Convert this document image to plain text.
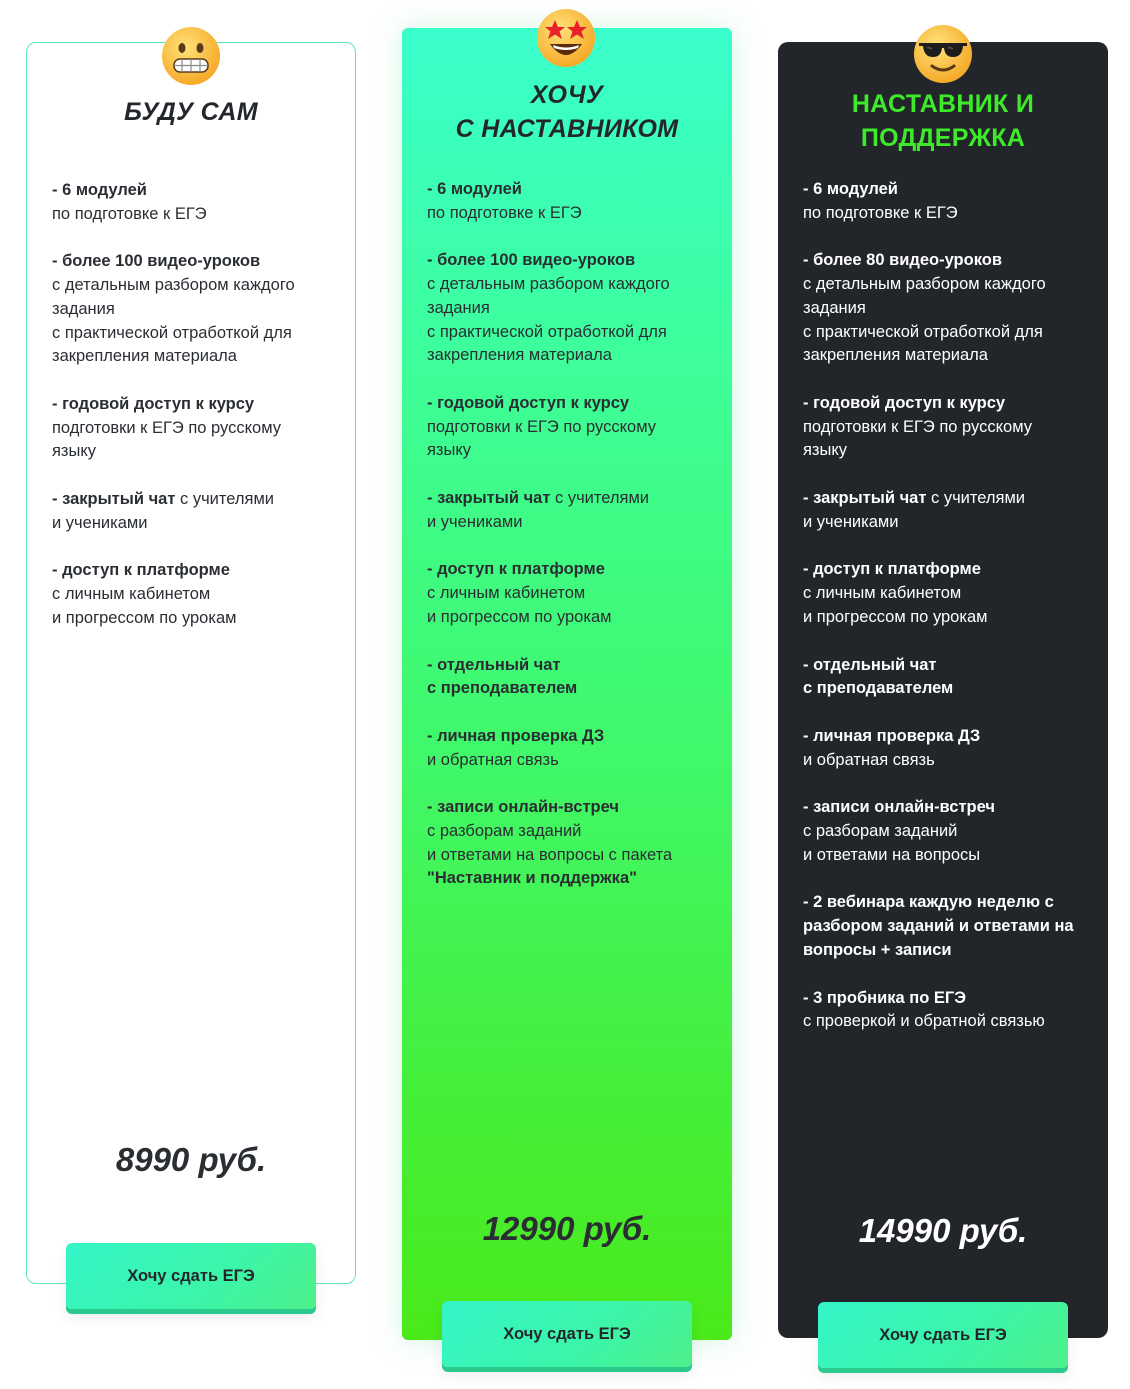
БУДУ САМ
- 6 модулей
по подготовке к ЕГЭ
- более 100 видео-уроков
с детальным разбором каждого
задания
с практической отработкой для
закрепления материала
- годовой доступ к курсу
подготовки к ЕГЭ по русскому
языку
- закрытый чат с учителями
и учениками
- доступ к платформе
с личным кабинетом
и прогрессом по урокам
8990 руб.
Хочу сдать ЕГЭ
ХОЧУ
С НАСТАВНИКОМ
- 6 модулей
по подготовке к ЕГЭ
- более 100 видео-уроков
с детальным разбором каждого
задания
с практической отработкой для
закрепления материала
- годовой доступ к курсу
подготовки к ЕГЭ по русскому
языку
- закрытый чат с учителями
и учениками
- доступ к платформе
с личным кабинетом
и прогрессом по урокам
- отдельный чат
с преподавателем
- личная проверка ДЗ
и обратная связь
- записи онлайн-встреч
с разборам заданий
и ответами на вопросы с пакета
"Наставник и поддержка"
12990 руб.
Хочу сдать ЕГЭ
НАСТАВНИК И
ПОДДЕРЖКА
- 6 модулей
по подготовке к ЕГЭ
- более 80 видео-уроков
с детальным разбором каждого
задания
с практической отработкой для
закрепления материала
- годовой доступ к курсу
подготовки к ЕГЭ по русскому
языку
- закрытый чат с учителями
и учениками
- доступ к платформе
с личным кабинетом
и прогрессом по урокам
- отдельный чат
с преподавателем
- личная проверка ДЗ
и обратная связь
- записи онлайн-встреч
с разборам заданий
и ответами на вопросы
- 2 вебинара каждую неделю с
разбором заданий и ответами на
вопросы + записи
- 3 пробника по ЕГЭ
с проверкой и обратной связью
14990 руб.
Хочу сдать ЕГЭ
